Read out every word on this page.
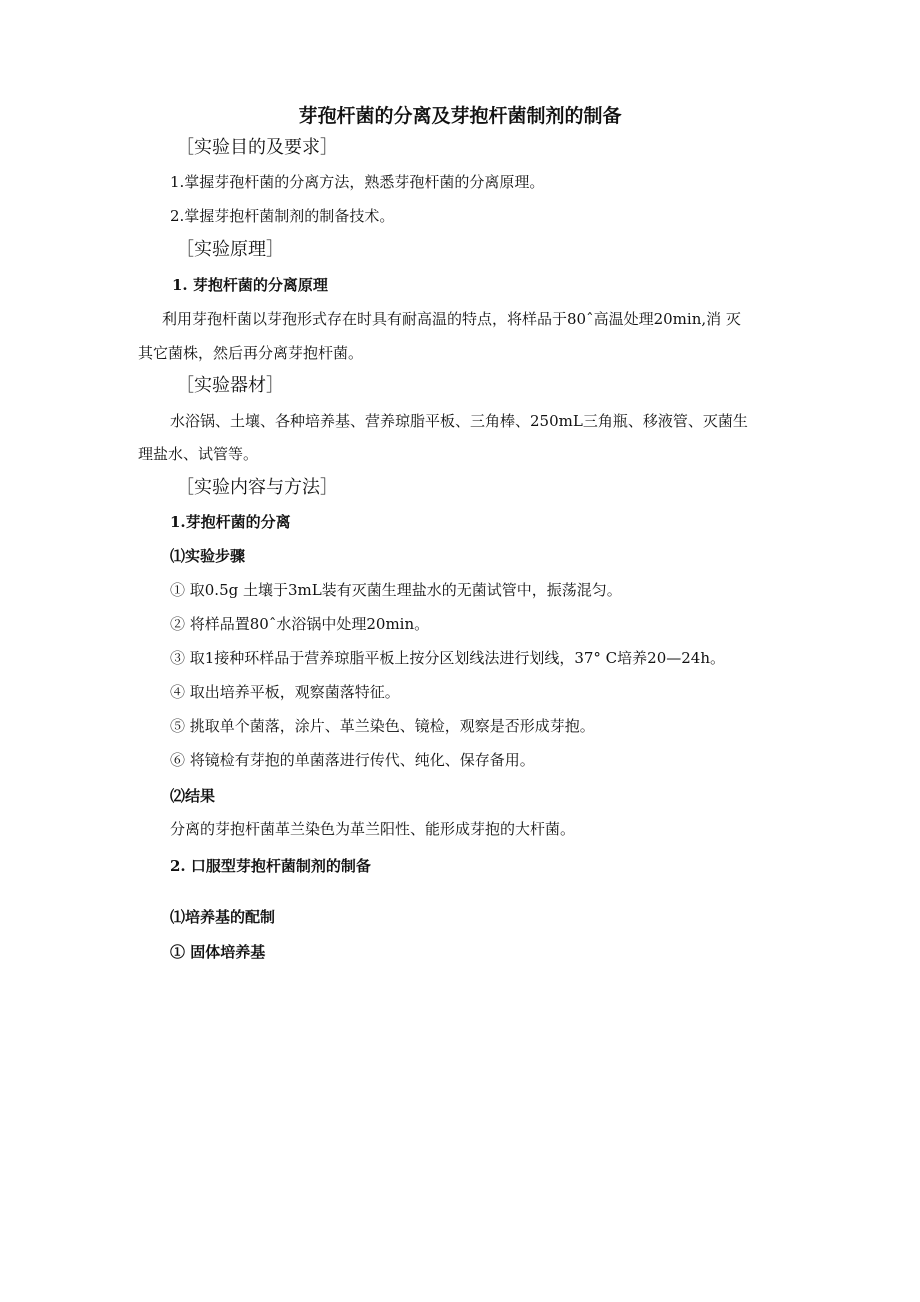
芽孢杆菌的分离及芽抱杆菌制剂的制备
［实验目的及要求］
1.掌握芽孢杆菌的分离方法，熟悉芽孢杆菌的分离原理。
2.掌握芽抱杆菌制剂的制备技术。
［实验原理］
1. 芽抱杆菌的分离原理
利用芽孢杆菌以芽孢形式存在时具有耐高温的特点，将样品于80ˆ高温处理20min,消 灭
其它菌株，然后再分离芽抱杆菌。
［实验器材］
水浴锅、土壤、各种培养基、营养琼脂平板、三角棒、250mL三角瓶、移液管、灭菌生
理盐水、试管等。
［实验内容与方法］
1.芽抱杆菌的分离
⑴实验步骤
① 取0.5g 土壤于3mL装有灭菌生理盐水的无菌试管中，振荡混匀。
② 将样品置80ˆ水浴锅中处理20min。
③ 取1接种环样品于营养琼脂平板上按分区划线法进行划线，37° C培养20—24h。
④ 取出培养平板，观察菌落特征。
⑤ 挑取单个菌落，涂片、革兰染色、镜检，观察是否形成芽抱。
⑥ 将镜检有芽抱的单菌落进行传代、纯化、保存备用。
⑵结果
分离的芽抱杆菌革兰染色为革兰阳性、能形成芽抱的大杆菌。
2. 口服型芽抱杆菌制剂的制备
⑴培养基的配制
① 固体培养基
